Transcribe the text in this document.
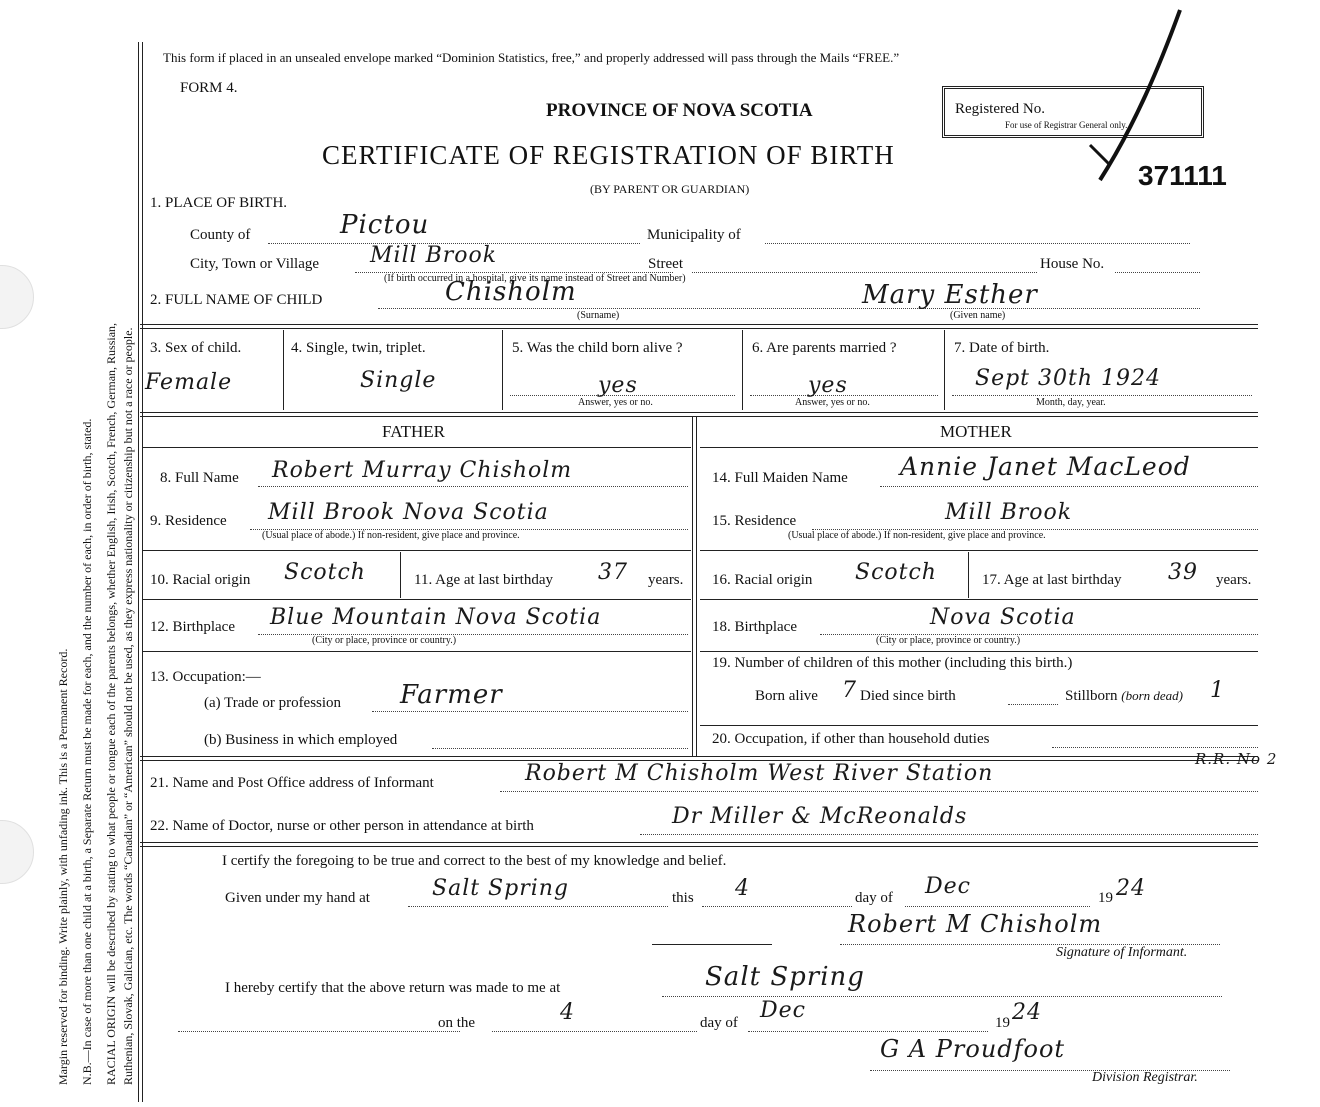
Margin reserved for binding. Write plainly, with unfading ink. This is a Permanent Record. N.B.—In case of more than one child at a birth, a Separate Return must be made for each, and the number of each, in order of birth, stated. RACIAL ORIGIN will be described by stating to what people or tongue each of the parents belongs, whether English, Irish, Scotch, French, German, Russian, Ruthenian, Slovak, Galician, etc. The words “Canadian” or “American” should not be used, as they express nationality or citizenship but not a race or people.
This form if placed in an unsealed envelope marked “Dominion Statistics, free,” and properly addressed will pass through the Mails “FREE.”
FORM 4.
PROVINCE OF NOVA SCOTIA
CERTIFICATE OF REGISTRATION OF BIRTH
(BY PARENT OR GUARDIAN)
Registered No.
For use of Registrar General only.
371111
1. PLACE OF BIRTH.
County of	Pictou	Municipality of
City, Town or Village Mill Brook
(If birth occurred in a hospital, give its name instead of Street and Number)
Street	House No.
2. FULL NAME OF CHILD	Chisholm	Mary Esther
(Surname)	(Given name)
3. Sex of child.
Female
4. Single, twin, triplet.
Single
5. Was the child born alive ?
yes
Answer, yes or no.
6. Are parents married ?
yes
Answer, yes or no.
7. Date of birth.
Sept 30th 1924
Month, day, year.
FATHER	MOTHER
8. Full Name Robert Murray Chisholm
9. Residence Mill Brook Nova Scotia
(Usual place of abode.) If non-resident, give place and province.
10. Racial origin Scotch	11. Age at last birthday 37 years.
12. Birthplace Blue Mountain Nova Scotia
(City or place, province or country.)
13. Occupation:—
(a) Trade or profession Farmer
(b) Business in which employed
14. Full Maiden Name Annie Janet MacLeod
15. Residence	Mill Brook
(Usual place of abode.) If non-resident, give place and province.
16. Racial origin Scotch	17. Age at last birthday 39 years.
18. Birthplace	Nova Scotia
(City or place, province or country.)
19. Number of children of this mother (including this birth.)
Born alive 7 Died since birth	Stillborn (born dead) 1
20. Occupation, if other than household duties
21. Name and Post Office address of Informant	Robert M Chisholm West River Station
R.R. No 2
22. Name of Doctor, nurse or other person in attendance at birth	Dr Miller & McReonalds
I certify the foregoing to be true and correct to the best of my knowledge and belief.
Given under my hand at	Salt Spring	this 4	day of Dec	19 24
Robert M Chisholm
Signature of Informant.
I hereby certify that the above return was made to me at	Salt Spring
on the	4	day of Dec	19 24
G A Proudfoot
Division Registrar.
